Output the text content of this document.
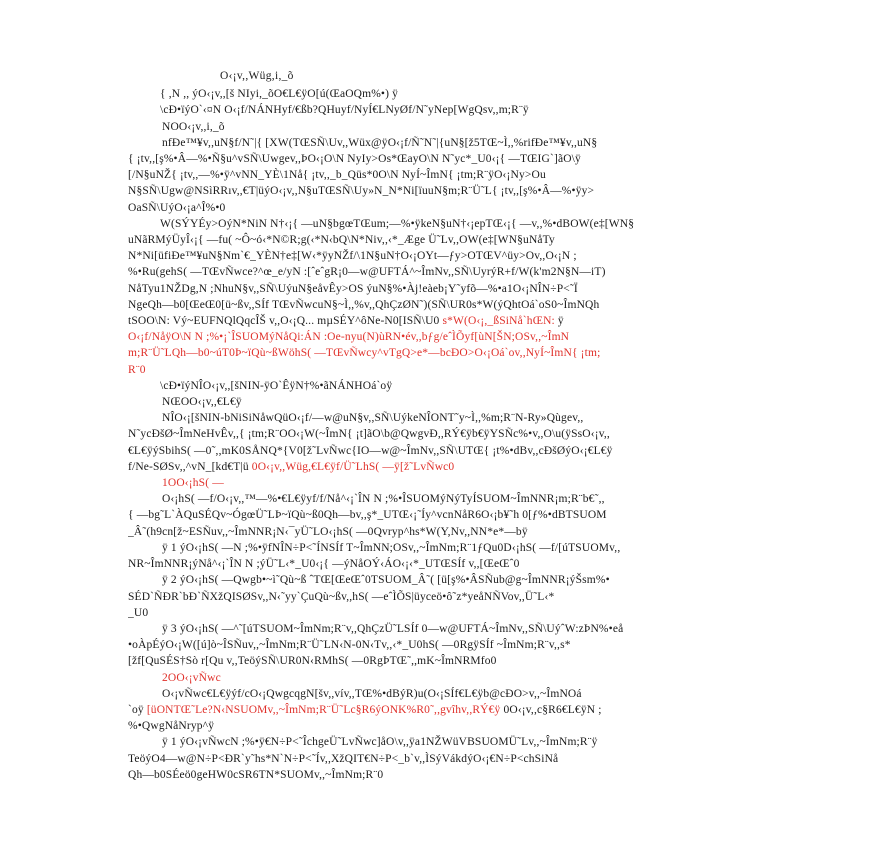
O‹¡v,,Wüg,i,_õ
{ ,N ,, ýO‹¡v,,[š NIyi,_õO€L€ÿO[ú(ŒaOQm%•) ÿ
\cÐ•ïýO`‹¤N O‹¡f/NÁNHyf/€ßb?QHuyf/NyÍ€LNyØf/N˜yNep[WgQsv,,m;R¨ÿ
NOO‹¡v,,i,_õ
nfÐe™¥v,,uN§f/N˜|{ [XW(TŒSÑ\Uv,,Wüx@ÿO‹¡f/Ñ˜N˜|{uN§[ž5TŒ~Ì,,%rifÐe™¥v,,uN§
{ ¡tv,,[ş%•Â—%•Ñ§u^vSÑ\Uwgev,,ÞO‹¡O\N NyIy>Os*ŒayO\N N˜yc*_U0‹¡{ —TŒIG`]ãO\ÿ
[/N§uNŽ{ ¡tv,,—%•ÿ^vNN_YÈ\1Nå{ ¡tv,,_b_Qüs*0O\N NyÍ~ÎmN{ ¡tm;R¨ÿO‹¡Ny>Ou
N§SÑ\Ugw@NSìRRıv,,€T|üýO‹¡v,,N§uTŒSÑ\Uy»N_N*Ni[ïuuN§m;R¨Ü˜L{ ¡tv,,[ş%•Â—%•ÿy>
OaSÑ\UýO‹¡a^Î%•0
W(SÝYÉy>OýN*NiN N†‹¡{ —uN§bgœTŒum;—%•ÿkeN§uN†‹¡epTŒ‹¡{ —v,,%•dBOW(e‡[WN§
uNãRMýÜyÎ‹¡{ —fu( ~Ô~ó‹*N©R;g(‹*N‹bQ\N*Niv,,‹*_Æge Ü˜Lv,,OW(e‡[WN§uNåTy
N*Ni[üfiÐe™¥uN§Nm`€_YÈN†e‡[W‹*ÿyNŽf/\1N§uN†O‹¡OYt—ƒy>OTŒV^üy>Ov,,O‹¡N ;
%•Ru(gehS( —TŒvÑwce?^œ_e/yN :[ˆeˆgR¡0—w@UFTÁ^~ÎmNv,,SÑ\UyrýR+f/W(k'm2N§N—iT)
NåTyu1NŽDg,N ;NhuN§v,,SÑ\UýuN§eåvÊy>OS ýuN§%•Àj!eàeb¡Y˜yfõ—%•a1O‹¡NÎN÷P<˜Ï
NgeQh—b0[ŒeŒ0[ü~ßv,,SÍf TŒvÑwcuN§~Ì,,%v,,QhÇzØN˜)(SÑ\UR0s*W(ýQhtOá`oS0~ÎmNQh
tSOO\N: Vý~EUFNQlQqcÎŠ v,,O‹¡Q... mµSÉY^ôNe-N0[ISÑ\U0 s*W(O‹¡,_ßSiNå`hŒN: ÿ
O‹¡f/NåÿO\N N ;%•¡`ÎSUOMýNåQi:ÁN :Oe-nyu(N)ùRN•év,,bƒg/eˆÌÕyf[ùN[ŠN;OSv,,~ÎmN
m;R¨Ü˜LQh—b0~úT0Þ~ïQù~ßWöhS( —TŒvÑwcy^vTgQ>e*—bcÐO>O‹¡Oá`ov,,NyÍ~ÎmN{ ¡tm;
R¨0
\cÐ•ïýNÎO‹¡v,,[šNIN-ÿO`ÊÿN†%•ãNÁNHOá`oÿ
NŒOO‹¡v,,€L€ÿ
NÎO‹¡[šNIN-bNiSiNåwQüO‹¡f/—w@uN§v,,SÑ\UýkeNÎONT˜y~Ì,,%m;R¨N-Ry»Qùgev,,
N˜ycÐšØ~ÎmNeHvÊv,,{ ¡tm;R¨OO‹¡W(~ÎmN{ ¡t]ãO\b@QwgvÐ,,RÝ€ÿb€ÿYSÑc%•v,,O\u(ÿSsO‹¡v,,
€L€ÿýSbihS( —0˜,,mK0SÅNQ*{V0[ž˜LvÑwc{IO—w@~ÎmNv,,SÑ\UTŒ{ ¡t%•dBv,,cÐšØýO‹¡€L€ÿ
f/Ne-SØSv,,^vN_[kd€T|ü 0O‹¡v,,Wüg,€L€ÿf/Ü˜LhS( —ÿ[ž˜LvÑwc0
1OO‹¡hS( —
O‹¡hS( —f/O‹¡v,,™—%•€L€ÿyf/f/Nå^‹¡`ÎN N ;%•ÎSUOMýNýTyÍSUOM~ÎmNNR¡m;R¨b€˜,,
{ —bg˜L`ÀQuSÉQv~ÓgœÜ˜LÞ~ïQù~ß0Qh—bv,,ş*_UTŒ‹¡˜Íy^vcnNåR6O‹¡b¥˜h 0[ƒ%•dBTSUOM
_Â˜(h9cn[ž~ESÑuv,,~ÎmNNR¡N‹¯yÜ˜LO‹¡hS( —0Qvryp^hs*W(Y,Nv,,NN*e*—bÿ
ÿ 1 ýO‹¡hS( —N ;%•ÿfNÎN÷P<˜ÍNSÍf T~ÎmNN;OSv,,~ÎmNm;R¨1ƒQu0D‹¡hS( —f/[úTSUOMv,,
NR~ÎmNNR¡ýNå^‹¡`ÎN N ;ýÜ˜L‹*_U0‹¡{ —ýNåOÝ‹ÁO‹¡‹*_UTŒSÍf v,,[ŒeŒˆ0
ÿ 2 ýO‹¡hS( —Qwgb•~ì˜Qù~ß ˆTŒ[ŒeŒˆ0TSUOM_Â˜( [ü[ş%•ÂSÑub@g~ÎmNNR¡ýŠsm%•
SÉD`ÑÐR`bÐ`ÑXžQISØSv,,N‹˜yy`ÇuQù~ßv,,hS( —eˆÌÕS|üyceö•ô˜z*yeåNÑVov,,Ü˜L‹*
_U0
ÿ 3 ýO‹¡hS( —^˜[úTSUOM~ÎmNm;R¨v,,QhÇzÜ˜LSÍf 0—w@UFTÁ~ÎmNv,,SÑ\UýˆW:zÞN%•eå
•oÀpÉýO‹¡W([ú]ò~ÎSÑuv,,~ÎmNm;R¨Ü˜LN‹N-0N‹Tv,,‹*_U0hS( —0RgÿSÍf ~ÎmNm;R¨v,,s*
[žf[QuSÉS†Sò r[Qu v,,TeöýSÑ\UR0N‹RMhS( —0RgÞTŒ˜,,mK~ÎmNRMfo0
2OO‹¡vÑwc
O‹¡vÑwc€L€ÿýf/cO‹¡QwgcqgN[šv,,vív,,TŒ%•dBýR)u(O‹¡SÍf€L€ÿb@cÐO>v,,~ÎmNOá
`oÿ [üONTŒ˜Le?N‹NSUOMv,,~ÎmNm;R¨Ü˜Lc§R6ýONK%R0˜,,gvîhv,,RÝ€ÿ 0O‹¡v,,c§R6€L€ÿN ;
%•QwgNåNryp^ÿ
ÿ 1 ýO‹¡vÑwcN ;%•ÿ€N÷P<˜ÎchgeÜ˜LvÑwc]åO\v,,ÿa1NŽWüVBSUOMÜ˜Lv,,~ÎmNm;R¨ÿ
TeöýO4—w@N÷P<ÐR`y˜hs*N`N÷P<˜Ív,,XžQIT€N÷P<_b`v,,ÌSýVákdýO‹¡€N÷P<chSiNå
Qh—b0SÉeö0geHW0cSR6TN*SUOMv,,~ÎmNm;R¨0
